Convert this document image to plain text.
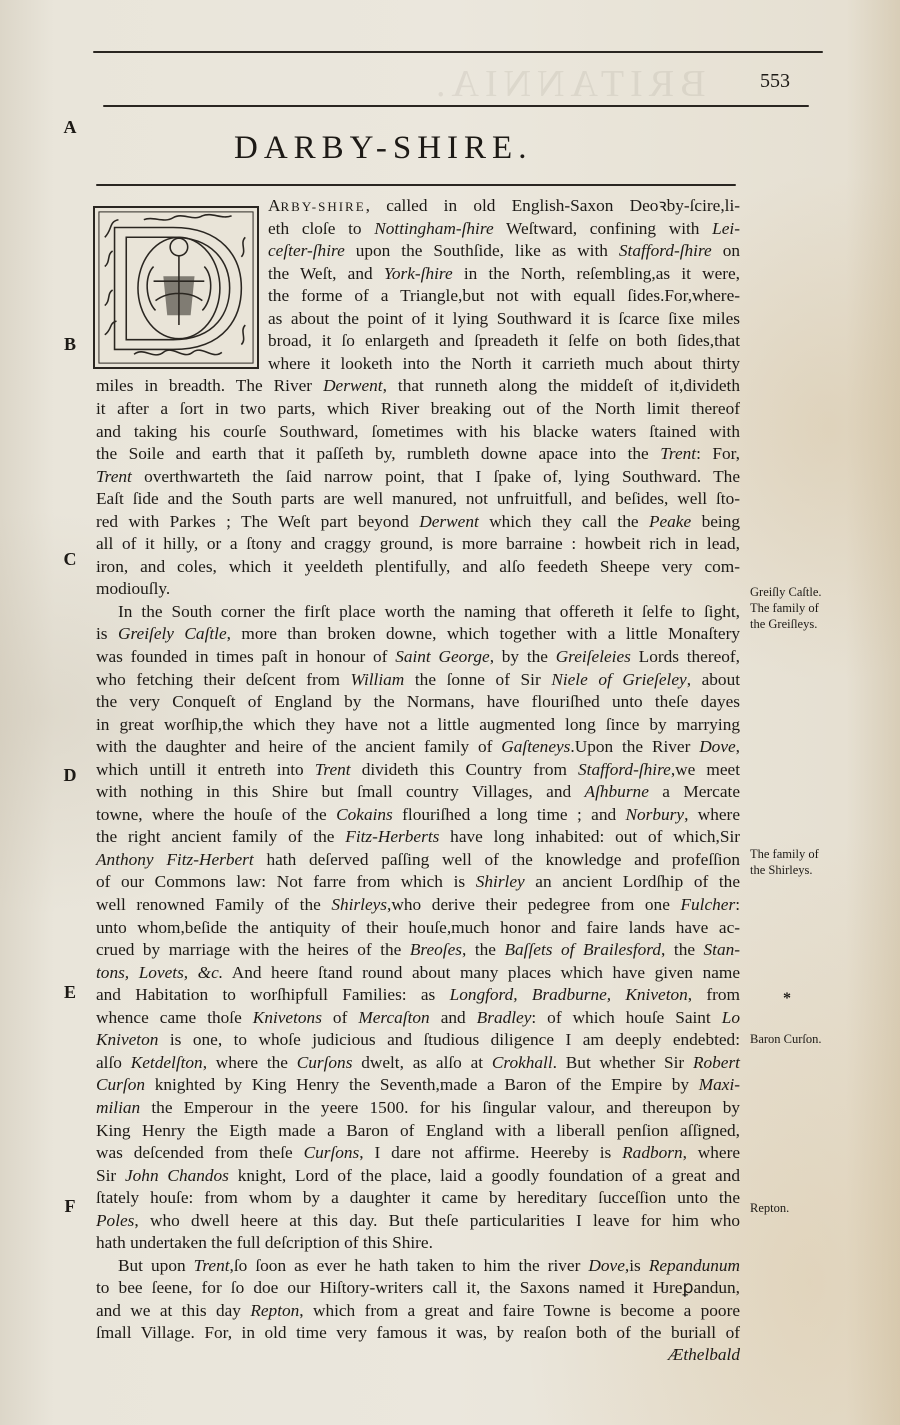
BRITANNIA.	553
DARBY-SHIRE.
A
B
C
D
E
F
ARBY-SHIRE, called in old English-Saxon Deoꝛby-ſcire,li-
eth cloſe to Nottingham-ſhire Weſtward, confining with Lei-
ceſter-ſhire upon the Southſide, like as with Stafford-ſhire on
the Weſt, and York-ſhire in the North, reſembling,as it were,
the forme of a Triangle,but not with equall ſides.For,where-
as about the point of it lying Southward it is ſcarce ſixe miles
broad, it ſo enlargeth and ſpreadeth it ſelfe on both ſides,that
where it looketh into the North it carrieth much about thirty
miles in breadth. The River Derwent, that runneth along the middeſt of it,divideth
it after a ſort in two parts, which River breaking out of the North limit thereof
and taking his courſe Southward, ſometimes with his blacke waters ſtained with
the Soile and earth that it paſſeth by, rumbleth downe apace into the Trent: For,
Trent overthwarteth the ſaid narrow point, that I ſpake of, lying Southward. The
Eaſt ſide and the South parts are well manured, not unfruitfull, and beſides, well ſto-
red with Parkes ; The Weſt part beyond Derwent which they call the Peake being
all of it hilly, or a ſtony and craggy ground, is more barraine : howbeit rich in lead,
iron, and coles, which it yeeldeth plentifully, and alſo feedeth Sheepe very com-
modiouſly.
In the South corner the firſt place worth the naming that offereth it ſelfe to ſight,
is Greiſely Caſtle, more than broken downe, which together with a little Monaſtery
was founded in times paſt in honour of Saint George, by the Greiſeleies Lords thereof,
who fetching their deſcent from William the ſonne of Sir Niele of Grieſeley, about
the very Conqueſt of England by the Normans, have flouriſhed unto theſe dayes
in great worſhip,the which they have not a little augmented long ſince by marrying
with the daughter and heire of the ancient family of Gaſteneys.Upon the River Dove,
which untill it entreth into Trent divideth this Country from Stafford-ſhire,we meet
with nothing in this Shire but ſmall country Villages, and Aſhburne a Mercate
towne, where the houſe of the Cokains flouriſhed a long time ; and Norbury, where
the right ancient family of the Fitz-Herberts have long inhabited: out of which,Sir
Anthony Fitz-Herbert hath deſerved paſſing well of the knowledge and profeſſion
of our Commons law: Not farre from which is Shirley an ancient Lordſhip of the
well renowned Family of the Shirleys,who derive their pedegree from one Fulcher:
unto whom,beſide the antiquity of their houſe,much honor and faire lands have ac-
crued by marriage with the heires of the Breoſes, the Baſſets of Brailesford, the Stan-
tons, Lovets, &c. And heere ſtand round about many places which have given name
and Habitation to worſhipfull Families: as Longford, Bradburne, Kniveton, from
whence came thoſe Knivetons of Mercaſton and Bradley: of which houſe Saint Lo
Kniveton is one, to whoſe judicious and ſtudious diligence I am deeply endebted:
alſo Ketdelſton, where the Curſons dwelt, as alſo at Crokhall. But whether Sir Robert
Curſon knighted by King Henry the Seventh,made a Baron of the Empire by Maxi-
milian the Emperour in the yeere 1500. for his ſingular valour, and thereupon by
King Henry the Eigth made a Baron of England with a liberall penſion aſſigned,
was deſcended from theſe Curſons, I dare not affirme. Heereby is Radborn, where
Sir John Chandos knight, Lord of the place, laid a goodly foundation of a great and
ſtately houſe: from whom by a daughter it came by hereditary ſucceſſion unto the
Poles, who dwell heere at this day. But theſe particularities I leave for him who
hath undertaken the full deſcription of this Shire.
But upon Trent,ſo ſoon as ever he hath taken to him the river Dove,is Repandunum
to bee ſeene, for ſo doe our Hiſtory-writers call it, the Saxons named it Ƕreꝑandun,
and we at this day Repton, which from a great and faire Towne is become a poore
ſmall Village. For, in old time very famous it was, by reaſon both of the buriall of
Æthelbald
Greiſly Caſtle.
The family of
the Greiſleys.
The family of
the Shirleys.
Baron Curſon.
Repton.
*
